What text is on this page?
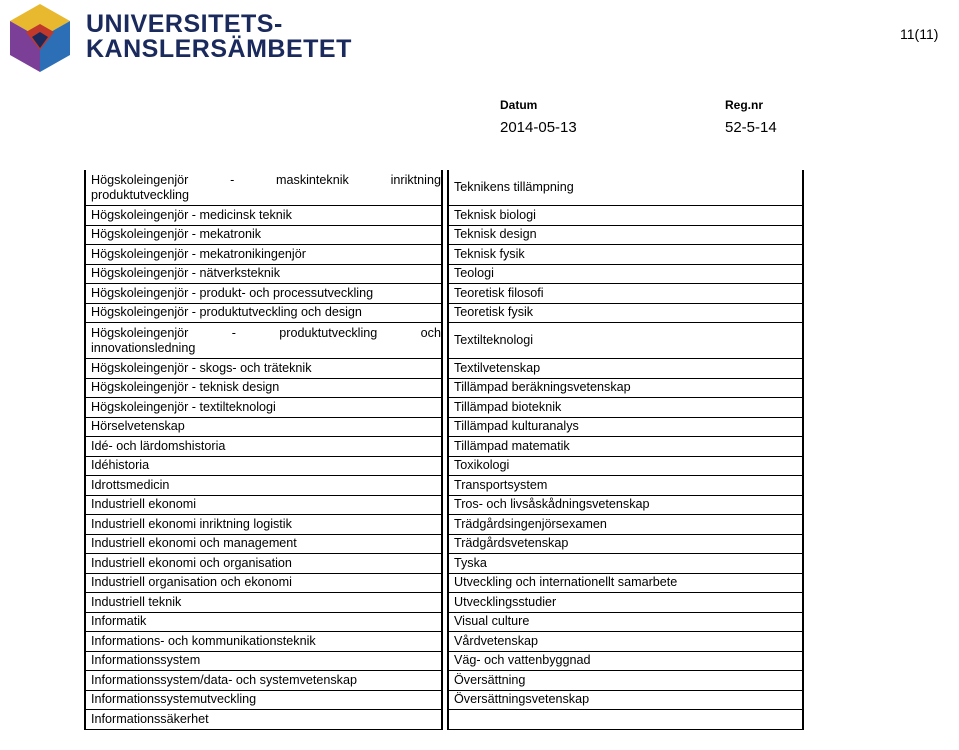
UNIVERSITETS-
KANSLERSÄMBETET
11(11)
Datum	Reg.nr
2014-05-13	52-5-14
Högskoleingenjör - maskinteknik inriktning
produktutveckling		Teknikens tillämpning
Högskoleingenjör - medicinsk teknik		Teknisk biologi
Högskoleingenjör - mekatronik		Teknisk design
Högskoleingenjör - mekatronikingenjör		Teknisk fysik
Högskoleingenjör - nätverksteknik		Teologi
Högskoleingenjör - produkt- och processutveckling		Teoretisk filosofi
Högskoleingenjör - produktutveckling och design		Teoretisk fysik

Högskoleingenjör - produktutveckling och
innovationsledning		Textilteknologi
Högskoleingenjör - skogs- och träteknik		Textilvetenskap
Högskoleingenjör - teknisk design		Tillämpad beräkningsvetenskap
Högskoleingenjör - textilteknologi		Tillämpad bioteknik
Hörselvetenskap		Tillämpad kulturanalys
Idé- och lärdomshistoria		Tillämpad matematik
Idéhistoria		Toxikologi
Idrottsmedicin		Transportsystem
Industriell ekonomi		Tros- och livsåskådningsvetenskap
Industriell ekonomi inriktning logistik		Trädgårdsingenjörsexamen
Industriell ekonomi och management		Trädgårdsvetenskap
Industriell ekonomi och organisation		Tyska
Industriell organisation och ekonomi		Utveckling och internationellt samarbete
Industriell teknik		Utvecklingsstudier
Informatik		Visual culture
Informations- och kommunikationsteknik		Vårdvetenskap
Informationssystem		Väg- och vattenbyggnad
Informationssystem/data- och systemvetenskap		Översättning
Informationssystemutveckling		Översättningsvetenskap
Informationssäkerhet		
